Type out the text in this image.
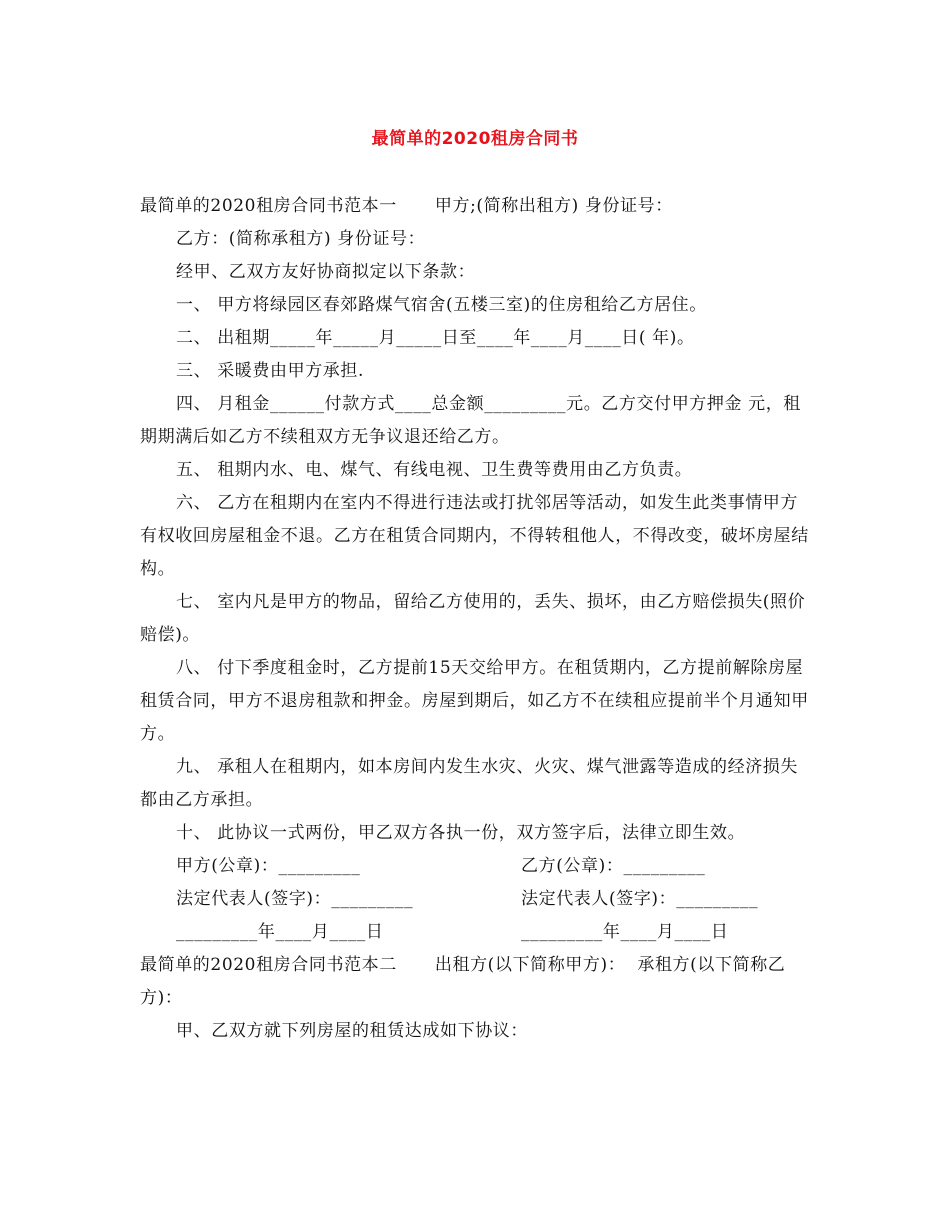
最简单的2020租房合同书

最简单的2020租房合同书范本一 甲方;(简称出租方) 身份证号：

乙方：(简称承租方) 身份证号：

经甲、乙双方友好协商拟定以下条款：

一、 甲方将绿园区春郊路煤气宿舍(五楼三室)的住房租给乙方居住。

二、 出租期_____年_____月_____日至____年____月____日( 年)。

三、 采暖费由甲方承担.

四、 月租金______付款方式____总金额_________元。乙方交付甲方押金 元，租期期满后如乙方不续租双方无争议退还给乙方。

五、 租期内水、电、煤气、有线电视、卫生费等费用由乙方负责。

六、 乙方在租期内在室内不得进行违法或打扰邻居等活动，如发生此类事情甲方有权收回房屋租金不退。乙方在租赁合同期内，不得转租他人，不得改变，破坏房屋结构。

七、 室内凡是甲方的物品，留给乙方使用的，丢失、损坏，由乙方赔偿损失(照价赔偿)。

八、 付下季度租金时，乙方提前15天交给甲方。在租赁期内，乙方提前解除房屋租赁合同，甲方不退房租款和押金。房屋到期后，如乙方不在续租应提前半个月通知甲方。

九、 承租人在租期内，如本房间内发生水灾、火灾、煤气泄露等造成的经济损失都由乙方承担。

十、 此协议一式两份，甲乙双方各执一份，双方签字后，法律立即生效。

甲方(公章)：_________	乙方(公章)：_________
法定代表人(签字)：_________	法定代表人(签字)：_________
_________年____月____日	_________年____月____日

最简单的2020租房合同书范本二 出租方(以下简称甲方)： 承租方(以下简称乙方)：

甲、乙双方就下列房屋的租赁达成如下协议：
